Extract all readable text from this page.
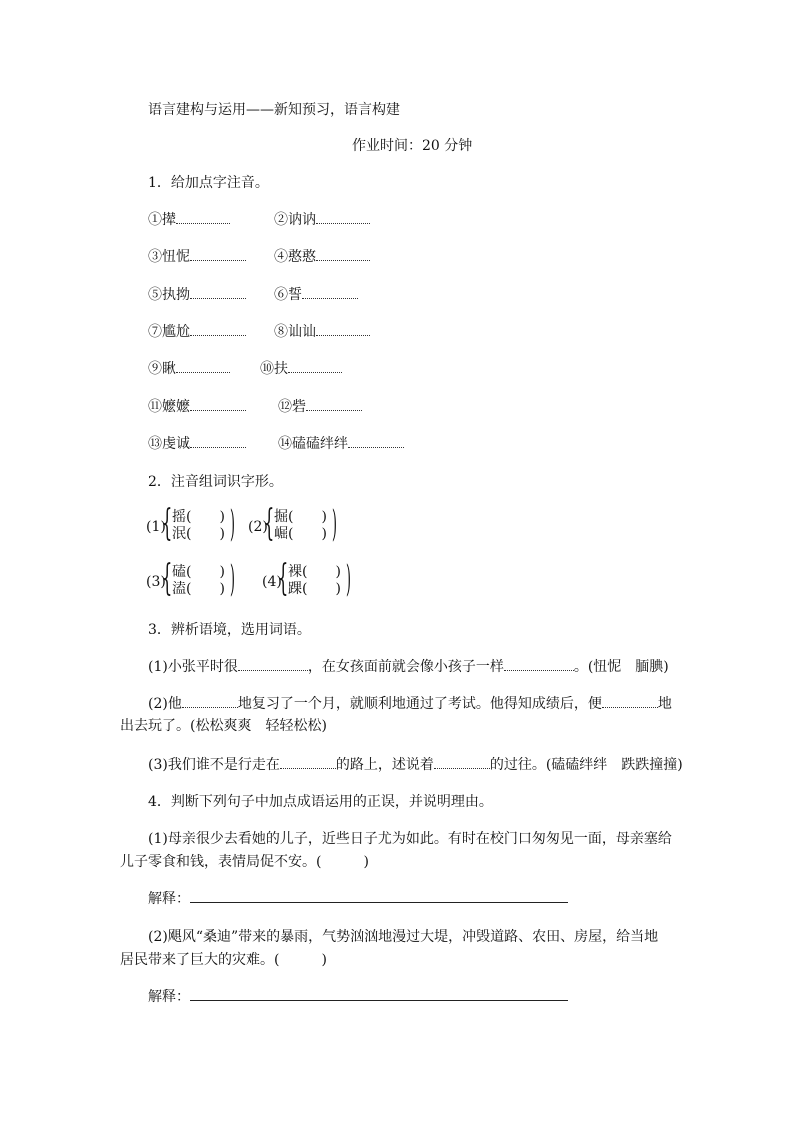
语言建构与运用——新知预习，语言构建
作业时间：20 分钟
1．给加点字注音。
①撵	②讷讷
③忸怩	④憨憨
⑤执拗	⑥誓
⑦尴尬	⑧讪讪
⑨瞅	⑩扶
⑪嬷嬷	⑫砦
⑬虔诚	⑭磕磕绊绊
2．注音组词识字形。
(1)
{ 摇(　　)
泯(　　) ) (2)
{ 掘(　　)
崛(　　) )
(3)
{ 磕(　　)
溘(　　) ) (4)
{ 裸(　　)
踝(　　) )
3．辨析语境，选用词语。
(1)小张平时很	，在女孩面前就会像小孩子一样	。(忸怩　腼腆)
(2)他	地复习了一个月，就顺利地通过了考试。他得知成绩后，便	地
出去玩了。(松松爽爽　轻轻松松)
(3)我们谁不是行走在	的路上，述说着	的过往。(磕磕绊绊　跌跌撞撞)
4．判断下列句子中加点成语运用的正误，并说明理由。
(1)母亲很少去看她的儿子，近些日子尤为如此。有时在校门口匆匆见一面，母亲塞给
儿子零食和钱，表情局促不安。(　　　)
解释：
(2)飓风“桑迪”带来的暴雨，气势汹汹地漫过大堤，冲毁道路、农田、房屋，给当地
居民带来了巨大的灾难。(　　　)
解释：
